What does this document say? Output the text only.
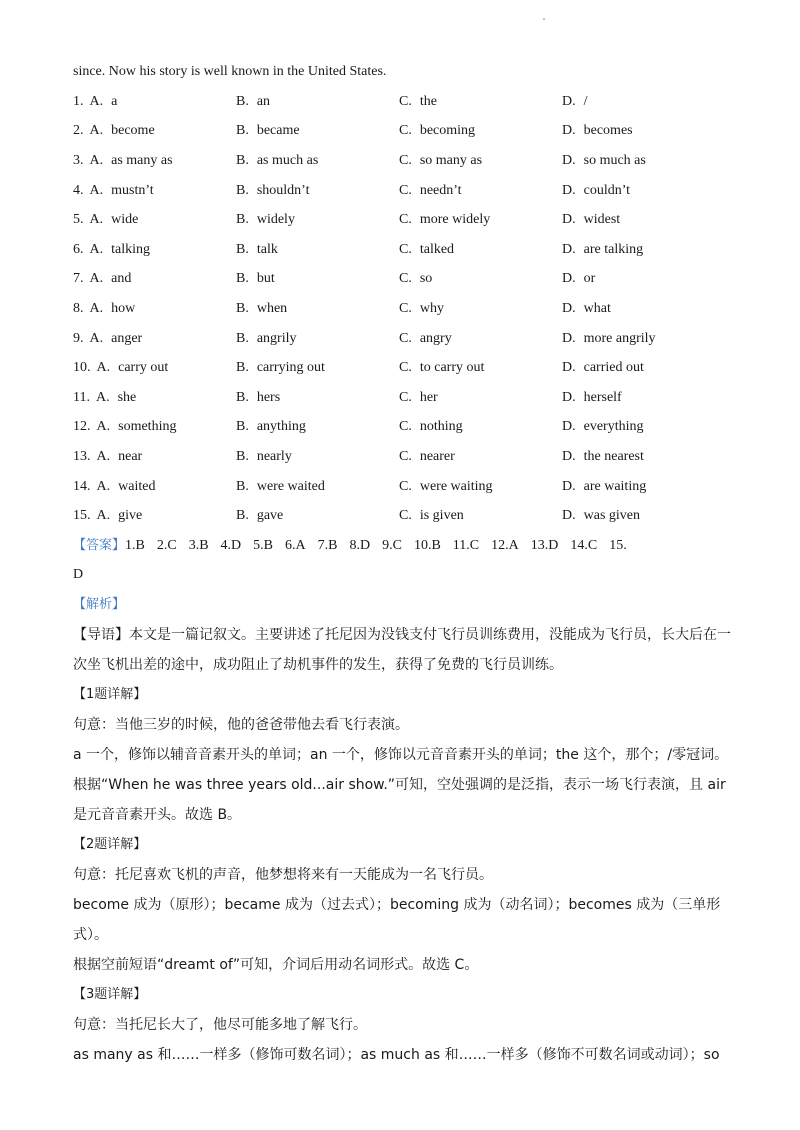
since. Now his story is well known in the United States.
1. A. a	B. an	C. the	D. /
2. A. become	B. became	C. becoming	D. becomes
3. A. as many as	B. as much as	C. so many as	D. so much as
4. A. mustn’t	B. shouldn’t	C. needn’t	D. couldn’t
5. A. wide	B. widely	C. more widely	D. widest
6. A. talking	B. talk	C. talked	D. are talking
7. A. and	B. but	C. so	D. or
8. A. how	B. when	C. why	D. what
9. A. anger	B. angrily	C. angry	D. more angrily
10. A. carry out	B. carrying out	C. to carry out	D. carried out
11. A. she	B. hers	C. her	D. herself
12. A. something	B. anything	C. nothing	D. everything
13. A. near	B. nearly	C. nearer	D. the nearest
14. A. waited	B. were waited	C. were waiting	D. are waiting
15. A. give	B. gave	C. is given	D. was given
【答案】1.B 2.C 3.B 4.D 5.B 6.A 7.B 8.D 9.C 10.B 11.C 12.A 13.D 14.C 15.
D
【解析】
【导语】本文是一篇记叙文。主要讲述了托尼因为没钱支付飞行员训练费用，没能成为飞行员，长大后在一次坐飞机出差的途中，成功阻止了劫机事件的发生，获得了免费的飞行员训练。
【1题详解】
句意：当他三岁的时候，他的爸爸带他去看飞行表演。
a 一个，修饰以辅音音素开头的单词；an 一个，修饰以元音音素开头的单词；the 这个，那个；/零冠词。
根据“When he was three years old...air show.”可知，空处强调的是泛指，表示一场飞行表演，且 air 是元音音素开头。故选 B。
【2题详解】
句意：托尼喜欢飞机的声音，他梦想将来有一天能成为一名飞行员。
become 成为（原形）；became 成为（过去式）；becoming 成为（动名词）；becomes 成为（三单形式）。
根据空前短语“dreamt of”可知，介词后用动名词形式。故选 C。
【3题详解】
句意：当托尼长大了，他尽可能多地了解飞行。
as many as 和……一样多（修饰可数名词）；as much as 和……一样多（修饰不可数名词或动词）；so
